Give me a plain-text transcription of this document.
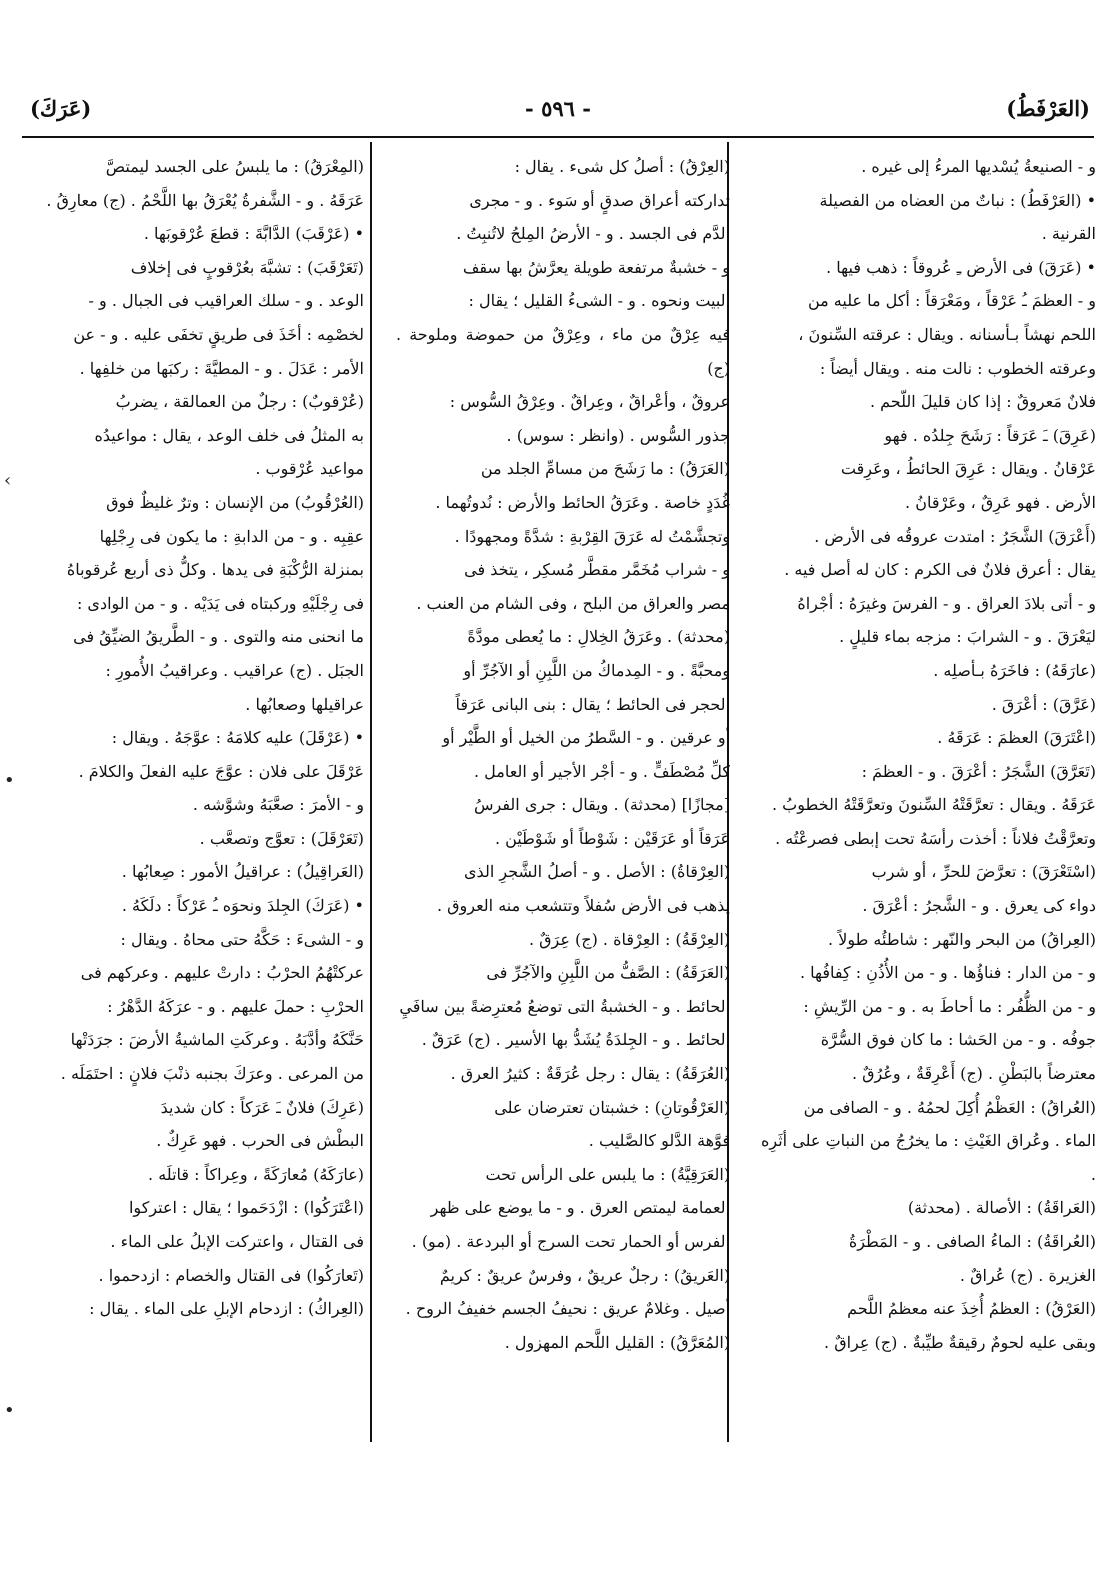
(العَرْفَطُ)
- ٥٩٦ -
(عَرَكَ)

و - الصنيعةُ يُسْديها المرءُ إلى غيره .

• (العَرْفَطُ) : نباتٌ من العضاه من الفصيلة

القرنية .

• (عَرَقَ) فى الأرض ـِ عُروقاً : ذهب فيها .

و - العظمَ ـُ عَرْقاً ، ومَعْرَقاً : أكل ما عليه من

اللحم نهشاً بـأسنانه . ويقال : عرقته السِّنونَ ،

وعرقته الخطوب : نالت منه . ويقال أيضاً :

فلانٌ مَعروقٌ : إذا كان قليلَ اللّحم .

(عَرِقَ) ـَ عَرَقاً : رَشَحَ جِلدُه . فهو

عَرْقانُ . ويقال : عَرِقَ الحائطُ ، وعَرِقت

الأرض . فهو عَرِقٌ ، وعَرْقانُ .

(أَعْرَقَ) الشَّجَرُ : امتدت عروقُه فى الأرض .

يقال : أعرق فلانٌ فى الكرم : كان له أصل فيه .

و - أتى بلادَ العراق . و - الفرسَ وغيرَهُ : أجْراهُ

ليَعْرَقَ . و - الشرابَ : مزجه بماء قليلٍ .

(عارَقَهُ) : فاخَرَهُ بـأصلِه .

(عَرَّقَ) : أعْرَقَ .

(اعْتَرَقَ) العظمَ : عَرَقَهُ .

(تَعَرَّقَ) الشَّجَرُ : أعْرَقَ . و - العظمَ :

عَرَقَهُ . ويقال : تعرَّقَتْهُ السِّنونَ وتعرَّقَتْهُ الخطوبُ .

وتعرَّقْتُ فلاناً : أخذت رأسَهُ تحت إبطى فصرعْتُه .

(اسْتَعْرَقَ) : تعرَّضَ للحرِّ ، أو شرب

دواء كى يعرق . و - الشَّجرُ : أعْرَقَ .

(العِراقُ) من البحر والنّهر : شاطئُه طولاً .

و - من الدار : فناؤُها . و - من الأُذُنِ : كِفافُها .

و - من الظُّفُر : ما أحاطَ به . و - من الرِّيشِ :

جوفُه . و - من الحَشا : ما كان فوق السُّرَّة

معترضاً بالبَطْنِ . (ج) أَعْرِقَةٌ ، وعُرُقٌ .

(العُراقُ) : العَظْمُ أُكِلَ لحمُهُ . و - الصافى من

الماء . وعُراق الغَيْثِ : ما يخرُجُ من النباتِ على أثَرِه .

(العَراقَةُ) : الأصالة . (محدثة)

(العُراقَةُ) : الماءُ الصافى . و - المَطْرَةُ

الغزيرة . (ج) عُراقٌ .

(العَرْقُ) : العظمُ أُخِذَ عنه معظمُ اللَّحم

وبقى عليه لحومٌ رقيقةٌ طيِّبةٌ . (ج) عِراقٌ .

(العِرْقُ) : أصلُ كل شىء . يقال :

تداركته أعراق صدقٍ أو سَوء . و - مجرى

الدَّم فى الجسد . و - الأرضُ المِلحُ لاتُنبِتُ .

و - خشبةٌ مرتفعة طويلة يعرَّشُ بها سقف

البيت ونحوه . و - الشىءُ القليل ؛ يقال :

فيه عِرْقٌ من ماء ، وعِرْقٌ من حموضة وملوحة . (ج)

عروقٌ ، وأعْراقٌ ، وعِراقٌ . وعِرْقُ السُّوس :

جذور السُّوس . (وانظر : سوس) .

(العَرَقُ) : ما رَشَحَ من مسامِّ الجلد من

غُدَدٍ خاصة . وعَرَقُ الحائط والأرض : نُدوتُهما .

وتجشَّمْتُ له عَرَقَ القِرْبةِ : شدَّةً ومجهودًا .

و - شراب مُخَمَّر مقطَّر مُسكِر ، يتخذ فى

مصر والعراق من البلح ، وفى الشام من العنب .

(محدثة) . وعَرَقُ الخِلالِ : ما يُعطى مودَّةً

ومحبَّةً . و - المِدماكُ من اللَّبِنِ أو الآجُرِّ أو

الحجر فى الحائط ؛ يقال : بنى البانى عَرَقاً

أو عرقين . و - السَّطرُ من الخيل أو الطَّيْر أو

كلِّ مُصْطَفٍّ . و - أجْر الأجير أو العامل .

[مجازًا] (محدثة) . ويقال : جرى الفرسُ

عَرَقاً أو عَرَقَيْن : شَوْطاً أو شَوْطَيْن .

(العِرْقاةُ) : الأصل . و - أصلُ الشَّجرِ الذى

يذهب فى الأرض سُفلاً وتتشعب منه العروق .

(العِرْقَةُ) : العِرْقاة . (ج) عِرَقٌ .

(العَرَقَةُ) : الصَّفُّ من اللَّبِنِ والآجُرِّ فى

الحائط . و - الخشبةُ التى توضعُ مُعترِضةً بين سافَيِ

الحائط . و - الجِلدَةُ يُشَدُّ بها الأسير . (ج) عَرَقٌ .

(العُرَقَةُ) : يقال : رجل عُرَقَةٌ : كثيرُ العرق .

(العَرْقُوتانِ) : خشبتان تعترضان على

فوَّهة الدَّلو كالصَّليب .

(العَرَقِيَّةُ) : ما يلبس على الرأس تحت

العمامة ليمتص العرق . و - ما يوضع على ظهر

الفرس أو الحمار تحت السرج أو البردعة . (مو) .

(العَريقُ) : رجلٌ عريقٌ ، وفرسٌ عريقٌ : كريمٌ

أصيل . وغلامٌ عريق : نحيفُ الجسم خفيفُ الروح .

(المُعَرَّقُ) : القليل اللَّحم المهزول .

(المِعْرَقُ) : ما يلبسُ على الجسد ليمتصَّ

عَرَقَهُ . و - الشَّفرةُ يُعْرَقُ بها اللَّحْمُ . (ج) معارِقُ .

• (عَرْقَبَ) الدَّابَّةَ : قطعَ عُرْقوبَها .

(تَعَرْقَبَ) : تشبَّهَ بعُرْقوبٍ فى إخلاف

الوعد . و - سلك العراقيب فى الجبال . و -

لخصْمِه : أخَذَ فى طريقٍ تخفَى عليه . و - عن

الأمر : عَدَلَ . و - المطيَّةَ : ركبَها من خلفِها .

(عُرْقوبٌ) : رجلٌ من العمالقة ، يضربُ

به المثلُ فى خلف الوعد ، يقال : مواعيدُه

مواعيد عُرْقوب .

(العُرْقُوبُ) من الإنسان : وترٌ غليظٌ فوق

عقِبِه . و - من الدابةِ : ما يكون فى رِجْلِها

بمنزلة الرُّكْبَةِ فى يدها . وكلُّ ذى أربع عُرقوباهُ

فى رِجْلَيْهِ وركبتاه فى يَدَيْه . و - من الوادى :

ما انحنى منه والتوى . و - الطَّريقُ الضيِّقُ فى

الجبَل . (ج) عراقيب . وعراقيبُ الأُمورِ :

عراقيلها وصعابُها .

• (عَرْقَلَ) عليه كلامَهُ : عوَّجَهُ . ويقال :

عَرْقَلَ على فلان : عوَّجَ عليه الفعلَ والكلامَ .

و - الأمرَ : صعَّبَهُ وشوَّشه .

(تَعَرْقَلَ) : تعوَّج وتصعَّب .

(العَراقِيلُ) : عراقيلُ الأمور : صِعابُها .

• (عَرَكَ) الجِلدَ ونحوَه ـُ عَرْكاً : دلَكَهُ .

و - الشىءَ : حَكَّهُ حتى محاهُ . ويقال :

عركتْهُمُ الحرْبُ : دارتْ عليهم . وعركهم فى

الحرْبِ : حملَ عليهم . و - عرَكَهُ الدَّهْرُ :

حَنَّكَهُ وأدَّبَهُ . وعركَتِ الماشيةُ الأرضَ : جرَدَتْها

من المرعى . وعرَكَ بجنبه ذنْبَ فلانٍ : احتَمَلَه .

(عَرِكَ) فلانٌ ـَ عَرَكاً : كان شديدَ

البطْش فى الحرب . فهو عَرِكٌ .

(عارَكَهُ) مُعارَكَةً ، وعِراكاً : قاتلَه .

(اعْتَرَكُوا) : ازْدَحَموا ؛ يقال : اعتركوا

فى القتال ، واعتركت الإبلُ على الماء .

(تَعارَكُوا) فى القتال والخصام : ازدحموا .

(العِراكُ) : ازدحام الإبلِ على الماء . يقال :

›
•
•
